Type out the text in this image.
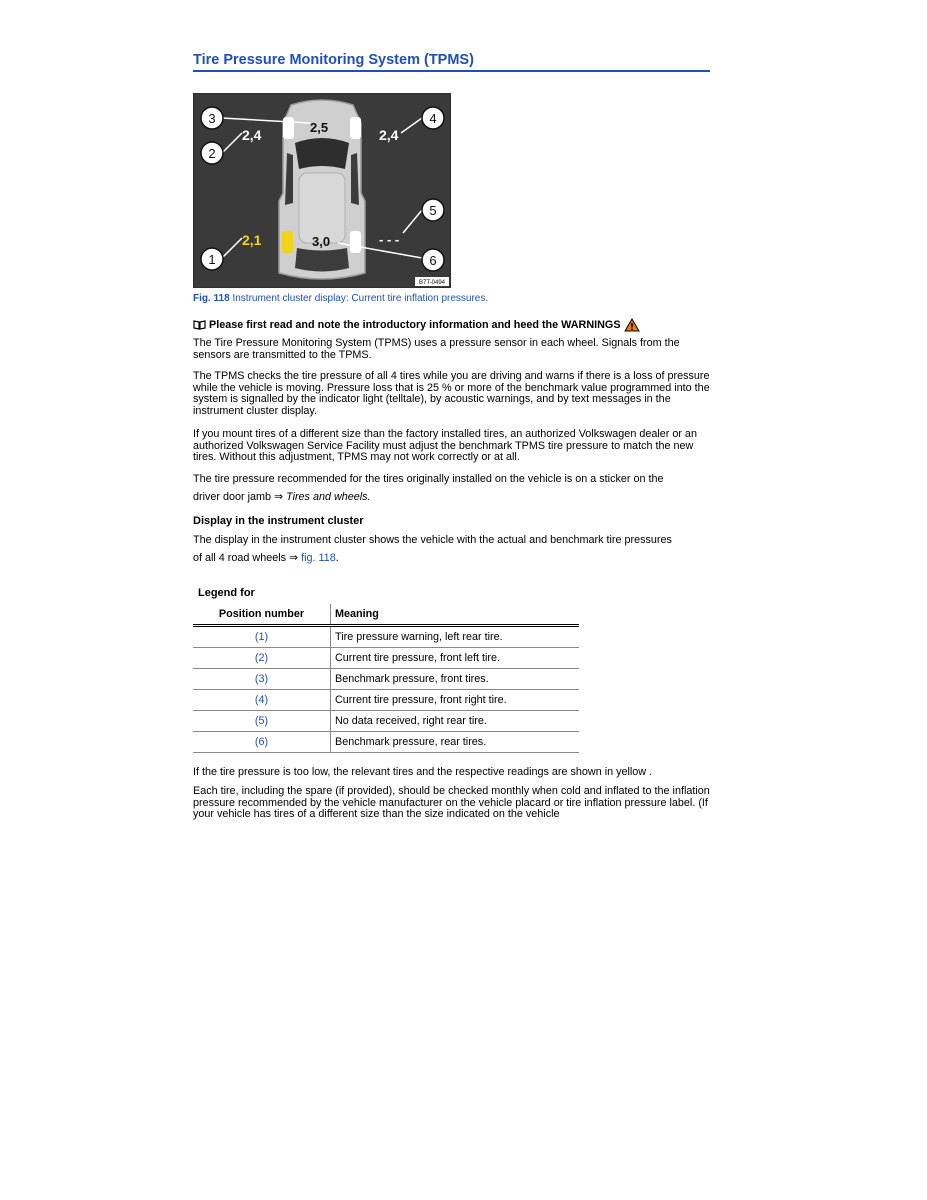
Tire Pressure Monitoring System (TPMS)
2,5
2,4	2,4
2,1	3,0	- - -
3
2
4
5
1	6
B7T-0494
Fig. 118 Instrument cluster display: Current tire inflation pressures.
Please first read and note the introductory information and heed the WARNINGS
The Tire Pressure Monitoring System (TPMS) uses a pressure sensor in each wheel. Signals from the sensors are transmitted to the TPMS.
The TPMS checks the tire pressure of all 4 tires while you are driving and warns if there is a loss of pressure while the vehicle is moving. Pressure loss that is 25 % or more of the benchmark value programmed into the system is signalled by the indicator light (telltale), by acoustic warnings, and by text messages in the instrument cluster display.
If you mount tires of a different size than the factory installed tires, an authorized Volkswagen dealer or an authorized Volkswagen Service Facility must adjust the benchmark TPMS tire pressure to match the new tires. Without this adjustment, TPMS may not work correctly or at all.
The tire pressure recommended for the tires originally installed on the vehicle is on a sticker on the
driver door jamb ⇒ Tires and wheels.
Display in the instrument cluster
The display in the instrument cluster shows the vehicle with the actual and benchmark tire pressures
of all 4 road wheels ⇒ fig. 118.
Legend for
Position number	Meaning
(1)	Tire pressure warning, left rear tire.
(2)	Current tire pressure, front left tire.
(3)	Benchmark pressure, front tires.
(4)	Current tire pressure, front right tire.
(5)	No data received, right rear tire.
(6)	Benchmark pressure, rear tires.
If the tire pressure is too low, the relevant tires and the respective readings are shown in yellow .
Each tire, including the spare (if provided), should be checked monthly when cold and inflated to the inflation pressure recommended by the vehicle manufacturer on the vehicle placard or tire inflation pressure label. (If your vehicle has tires of a different size than the size indicated on the vehicle
